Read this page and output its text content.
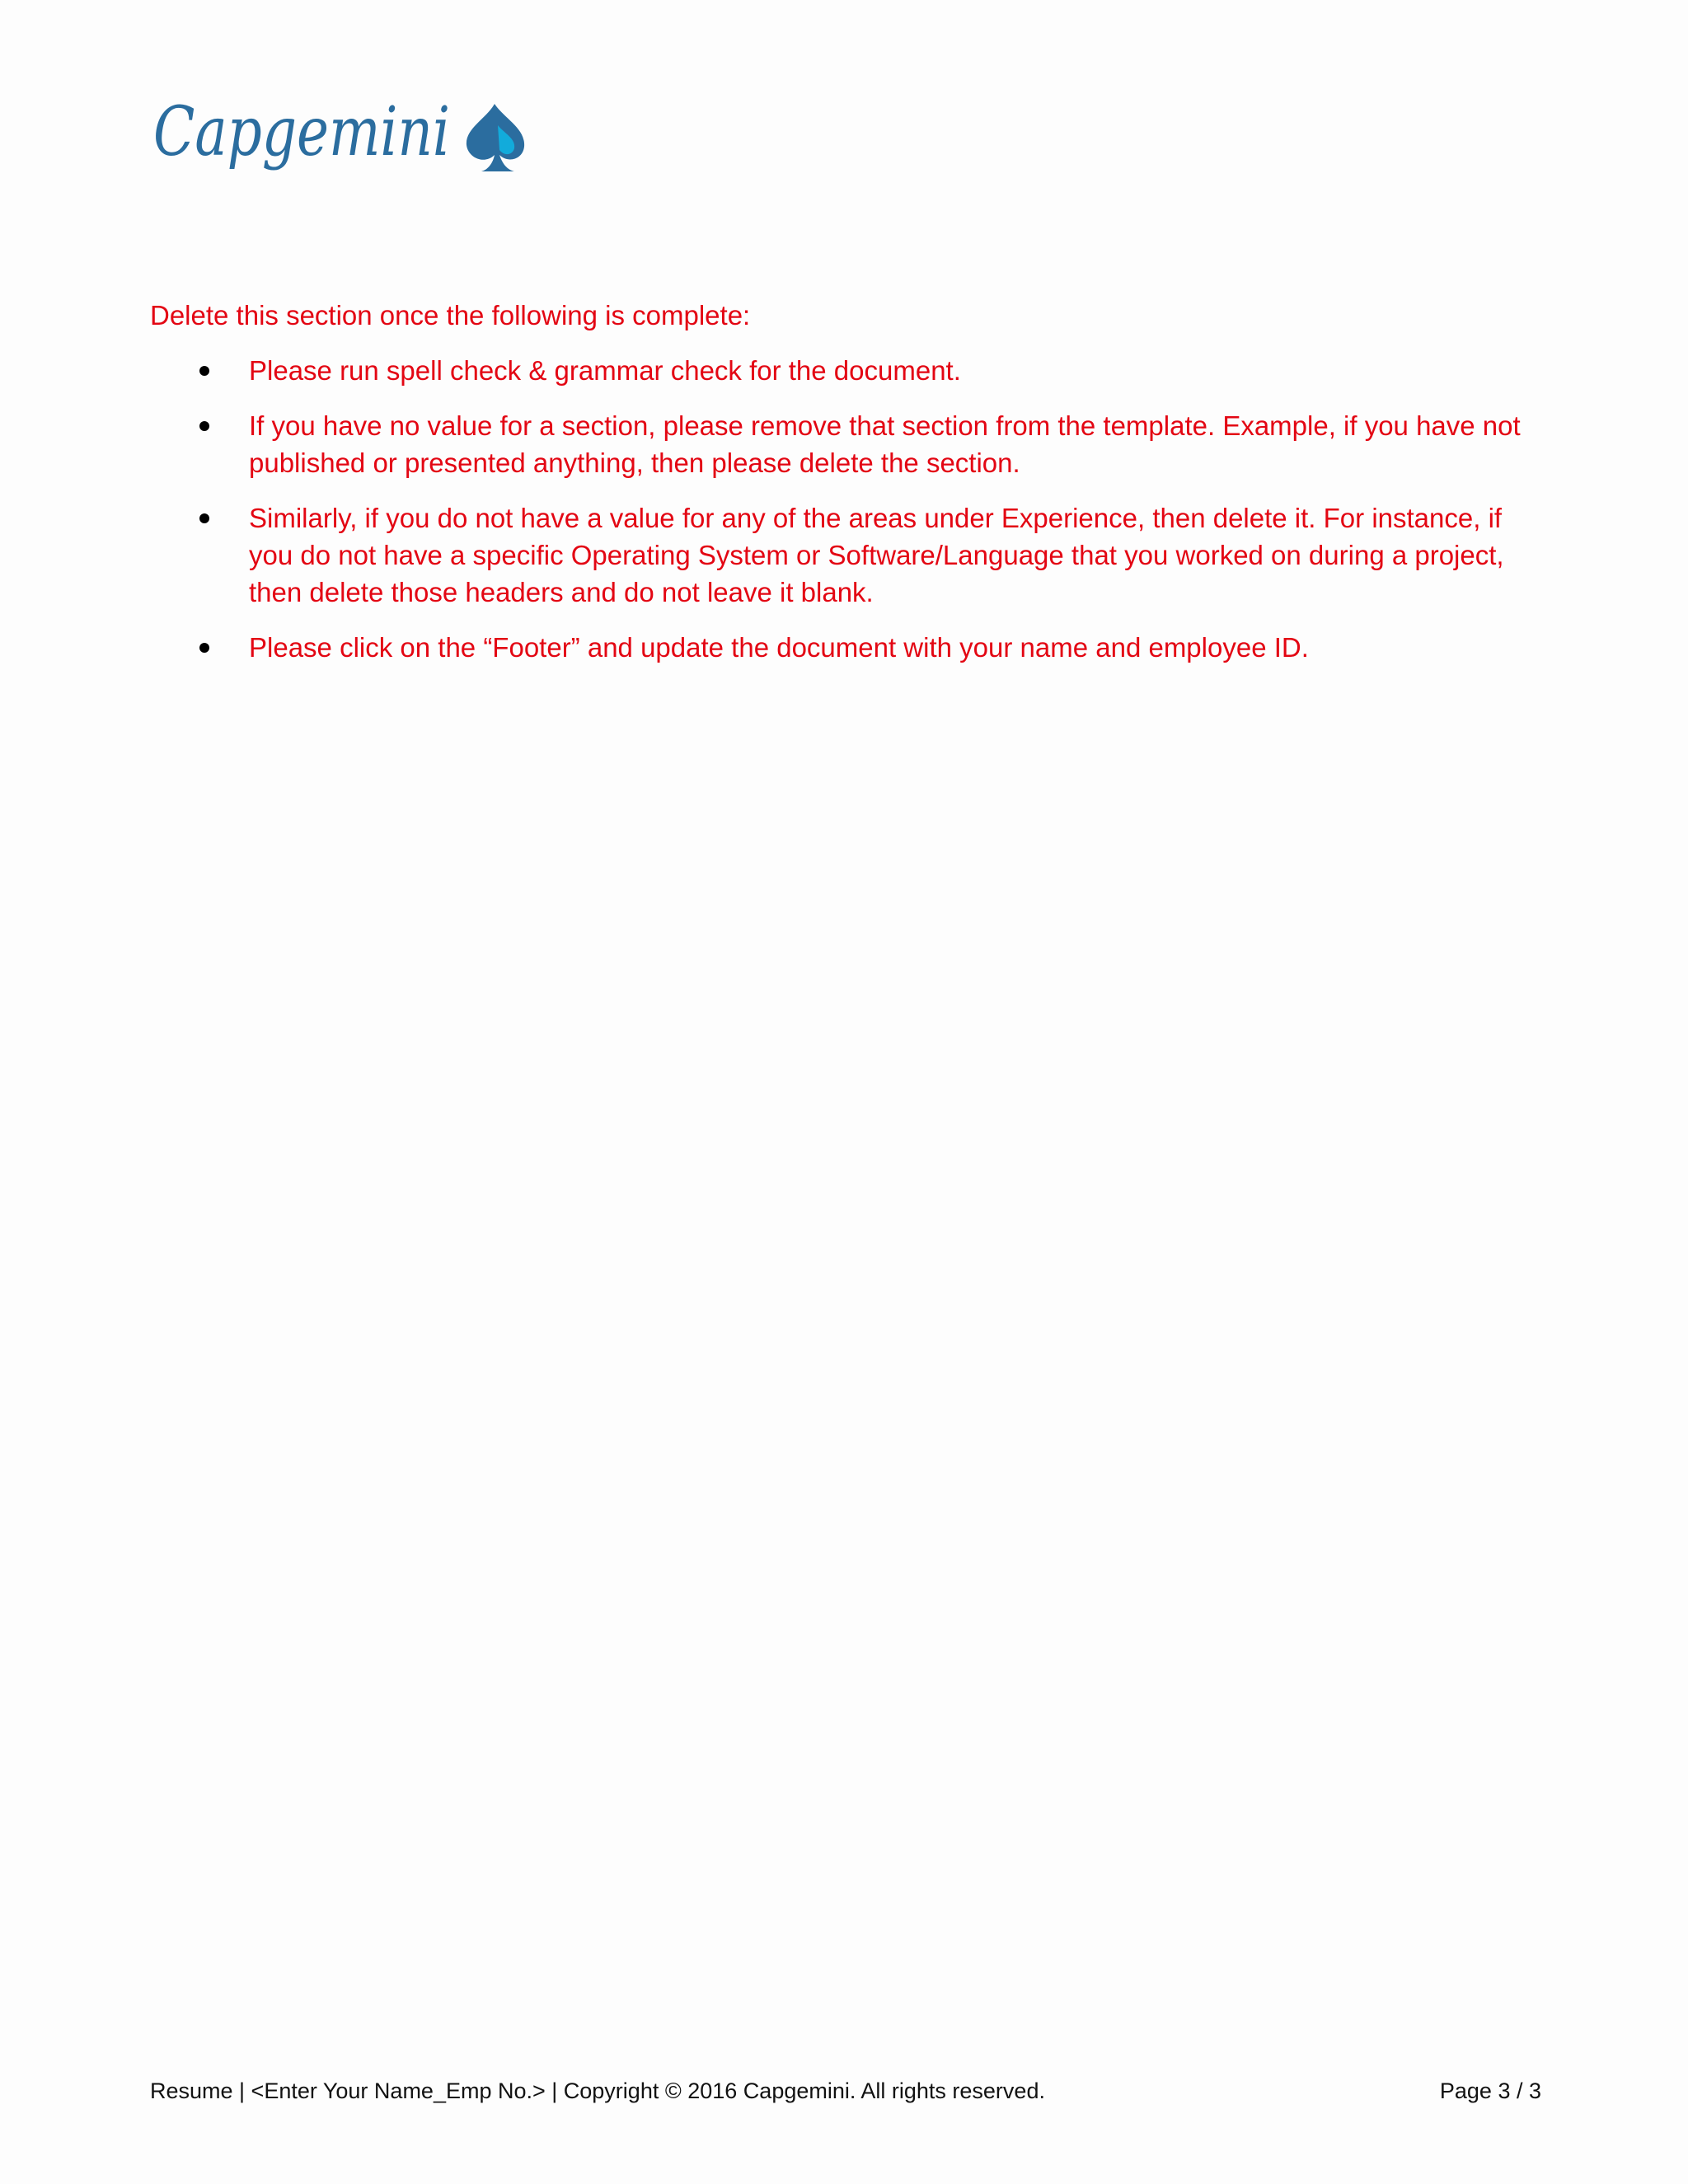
Capgemini

Delete this section once the following is complete:

Please run spell check & grammar check for the document.
If you have no value for a section, please remove that section from the template. Example, if you have not published or presented anything, then please delete the section.
Similarly, if you do not have a value for any of the areas under Experience, then delete it. For instance, if you do not have a specific Operating System or Software/Language that you worked on during a project, then delete those headers and do not leave it blank.
Please click on the “Footer” and update the document with your name and employee ID.
Resume | <Enter Your Name_Emp No.> | Copyright © 2016 Capgemini. All rights reserved.	Page 3 / 3
